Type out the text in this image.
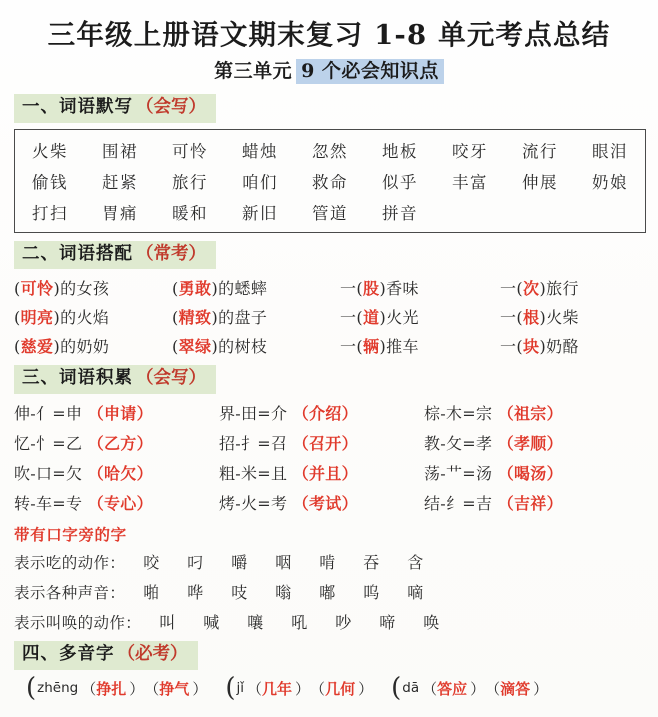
三年级上册语文期末复习 1-8 单元考点总结
第三单元 9 个必会知识点
一、词语默写 （会写）
火柴	围裙	可怜	蜡烛	忽然	地板	咬牙	流行	眼泪
偷钱	赶紧	旅行	咱们	救命	似乎	丰富	伸展	奶娘
打扫	胃痛	暖和	新旧	管道	拼音
二、词语搭配 （常考）
(可怜)的女孩	(勇敢)的蟋蟀	一(股)香味	一(次)旅行
(明亮)的火焰	(精致)的盘子	一(道)火光	一(根)火柴
(慈爱)的奶奶	(翠绿)的树枝	一(辆)推车	一(块)奶酪
三、词语积累 （会写）
伸-亻=申 （申请）	界-田=介 （介绍）	棕-木=宗 （祖宗）
忆-忄=乙 （乙方）	招-扌=召 （召开）	教-攵=孝 （孝顺）
吹-口=欠 （哈欠）	粗-米=且 （并且）	荡-艹=汤 （喝汤）
转-车=专 （专心）	烤-火=考 （考试）	结-纟=吉 （吉祥）
带有口字旁的字
表示吃的动作：	咬	叼	嚼	咽	啃	吞	含
表示各种声音：	啪	哗	吱	嗡	嘟	呜	嘀
表示叫唤的动作：	叫	喊	嚷	吼	吵	啼	唤
四、多音字 （必考）
( zhēng （ 挣扎 ） （ 挣气 ） ( jǐ （ 几年 ） （ 几何 ） ( dā （ 答应 ） （ 滴答 ）
